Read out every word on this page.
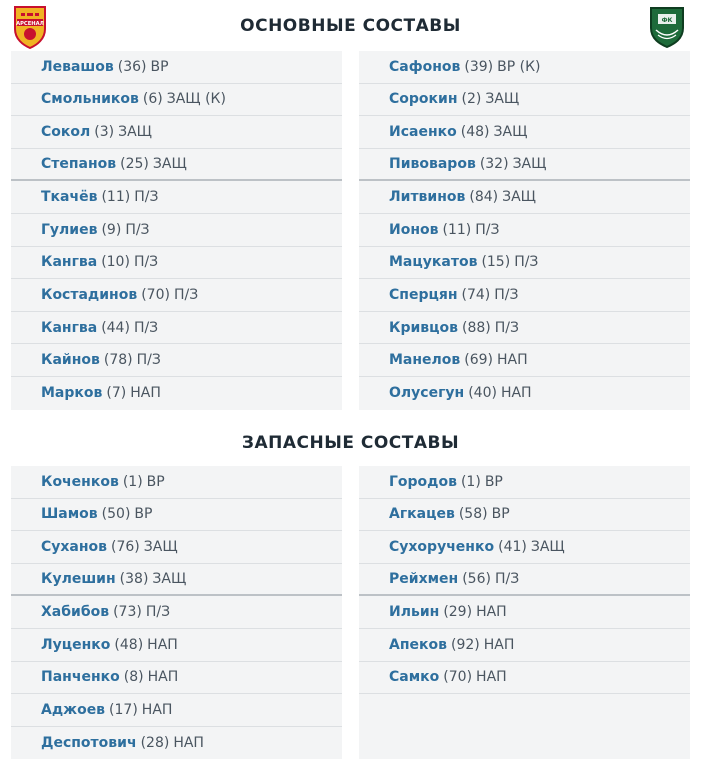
АРСЕНАЛ	ФК
ОСНОВНЫЕ СОСТАВЫ
Левашов (36) ВР
Смольников (6) ЗАЩ (К)
Сокол (3) ЗАЩ
Степанов (25) ЗАЩ
Ткачёв (11) П/З
Гулиев (9) П/З
Кангва (10) П/З
Костадинов (70) П/З
Кангва (44) П/З
Кайнов (78) П/З
Марков (7) НАП
Сафонов (39) ВР (К)
Сорокин (2) ЗАЩ
Исаенко (48) ЗАЩ
Пивоваров (32) ЗАЩ
Литвинов (84) ЗАЩ
Ионов (11) П/З
Мацукатов (15) П/З
Сперцян (74) П/З
Кривцов (88) П/З
Манелов (69) НАП
Олусегун (40) НАП
ЗАПАСНЫЕ СОСТАВЫ
Коченков (1) ВР
Шамов (50) ВР
Суханов (76) ЗАЩ
Кулешин (38) ЗАЩ
Хабибов (73) П/З
Луценко (48) НАП
Панченко (8) НАП
Аджоев (17) НАП
Деспотович (28) НАП
Городов (1) ВР
Агкацев (58) ВР
Сухорученко (41) ЗАЩ
Рейхмен (56) П/З
Ильин (29) НАП
Апеков (92) НАП
Самко (70) НАП
